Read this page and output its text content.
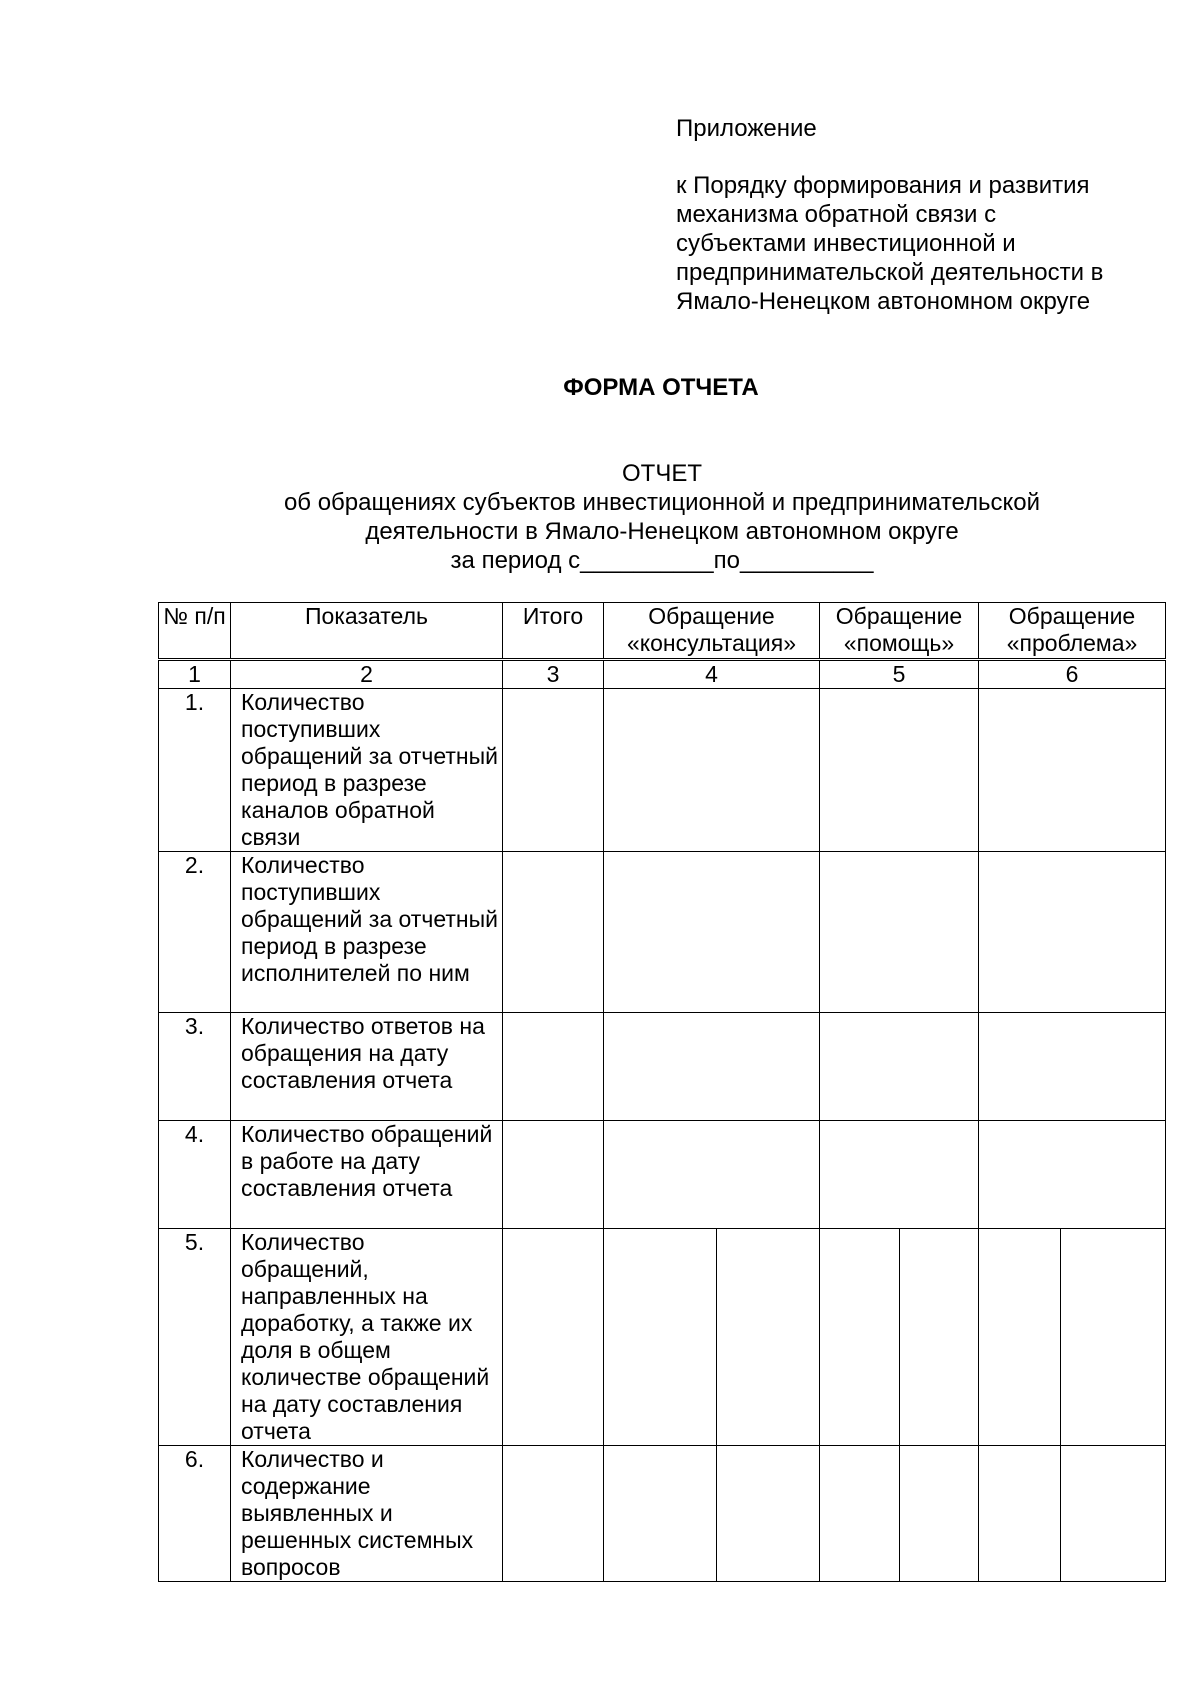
Приложение

к Порядку формирования и развития
механизма обратной связи с
субъектами инвестиционной и
предпринимательской деятельности в
Ямало-Ненецком автономном округе

ФОРМА ОТЧЕТА
ОТЧЕТ
об обращениях субъектов инвестиционной и предпринимательской
деятельности в Ямало-Ненецком автономном округе
за период с__________по__________
№ п/п	Показатель	Итого	Обращение «консультация»		Обращение «помощь»		Обращение «проблема»	
1	2	3	4		5		6	
1.	Количество поступивших обращений за отчетный период в разрезе каналов обратной связи							
2.	Количество поступивших обращений за отчетный период в разрезе исполнителей по ним							
3.	Количество ответов на обращения на дату составления отчета							
4.	Количество обращений в работе на дату составления отчета							
5.	Количество обращений, направленных на доработку, а также их доля в общем количестве обращений на дату составления отчета							
6.	Количество и содержание выявленных и решенных системных вопросов							
